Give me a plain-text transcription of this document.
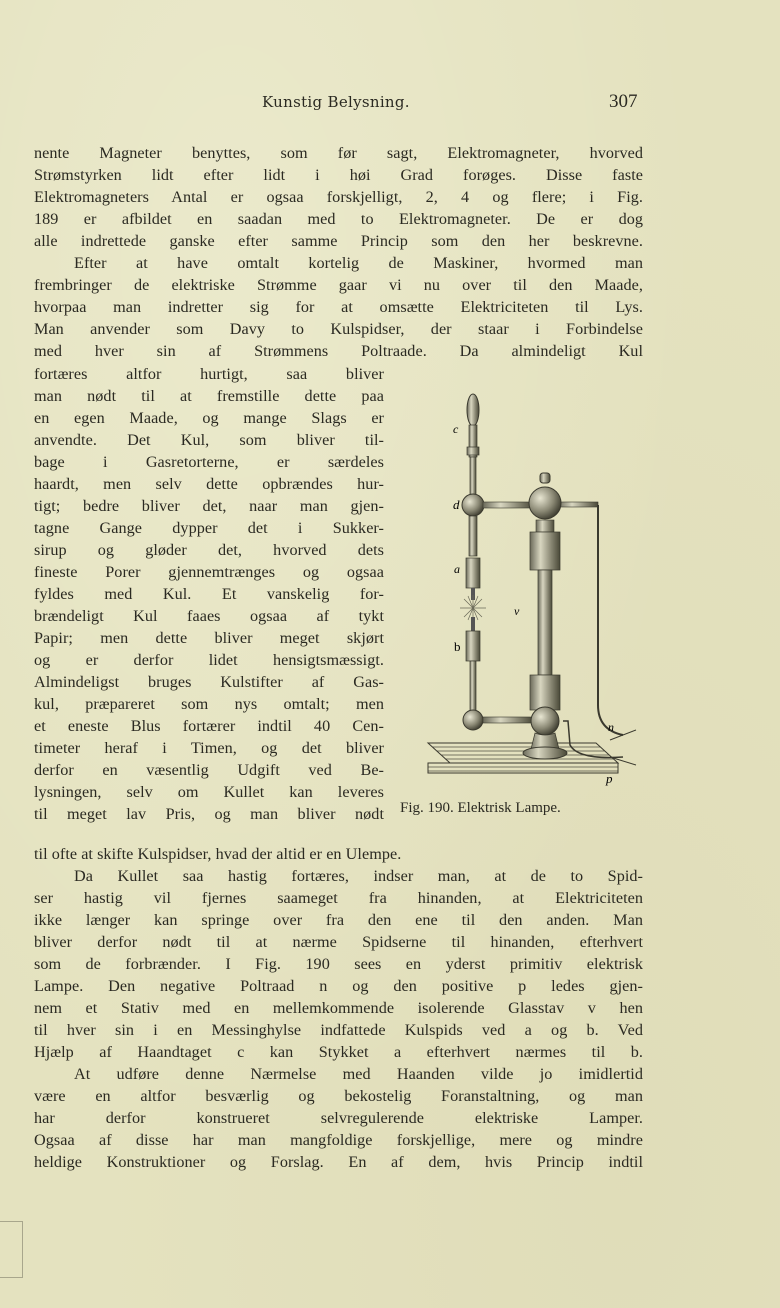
Kunstig Belysning.	307
nente Magneter benyttes, som før sagt, Elektromagneter, hvorved
Strømstyrken lidt efter lidt i høi Grad forøges. Disse faste
Elektromagneters Antal er ogsaa forskjelligt, 2, 4 og flere; i Fig.
189 er afbildet en saadan med to Elektromagneter. De er dog
alle indrettede ganske efter samme Princip som den her beskrevne.
Efter at have omtalt kortelig de Maskiner, hvormed man
frembringer de elektriske Strømme gaar vi nu over til den Maade,
hvorpaa man indretter sig for at omsætte Elektriciteten til Lys.
Man anvender som Davy to Kulspidser, der staar i Forbindelse
med hver sin af Strømmens Poltraade. Da almindeligt Kul
fortæres altfor hurtigt, saa bliver
man nødt til at fremstille dette paa
en egen Maade, og mange Slags er
anvendte. Det Kul, som bliver til-
bage i Gasretorterne, er særdeles
haardt, men selv dette opbrændes hur-
tigt; bedre bliver det, naar man gjen-
tagne Gange dypper det i Sukker-
sirup og gløder det, hvorved dets
fineste Porer gjennemtrænges og ogsaa
fyldes med Kul. Et vanskelig for-
brændeligt Kul faaes ogsaa af tykt
Papir; men dette bliver meget skjørt
og er derfor lidet hensigtsmæssigt.
Almindeligst bruges Kulstifter af Gas-
kul, præpareret som nys omtalt; men
et eneste Blus fortærer indtil 40 Cen-
timeter heraf i Timen, og det bliver
derfor en væsentlig Udgift ved Be-
lysningen, selv om Kullet kan leveres
til meget lav Pris, og man bliver nødt
c
d
a
b
v
n
p
Fig. 190. Elektrisk Lampe.
til ofte at skifte Kulspidser, hvad der altid er en Ulempe.
Da Kullet saa hastig fortæres, indser man, at de to Spid-
ser hastig vil fjernes saameget fra hinanden, at Elektriciteten
ikke længer kan springe over fra den ene til den anden. Man
bliver derfor nødt til at nærme Spidserne til hinanden, efterhvert
som de forbrænder. I Fig. 190 sees en yderst primitiv elektrisk
Lampe. Den negative Poltraad n og den positive p ledes gjen-
nem et Stativ med en mellemkommende isolerende Glasstav v hen
til hver sin i en Messinghylse indfattede Kulspids ved a og b. Ved
Hjælp af Haandtaget c kan Stykket a efterhvert nærmes til b.
At udføre denne Nærmelse med Haanden vilde jo imidlertid
være en altfor besværlig og bekostelig Foranstaltning, og man
har derfor konstrueret selvregulerende elektriske Lamper.
Ogsaa af disse har man mangfoldige forskjellige, mere og mindre
heldige Konstruktioner og Forslag. En af dem, hvis Princip indtil
